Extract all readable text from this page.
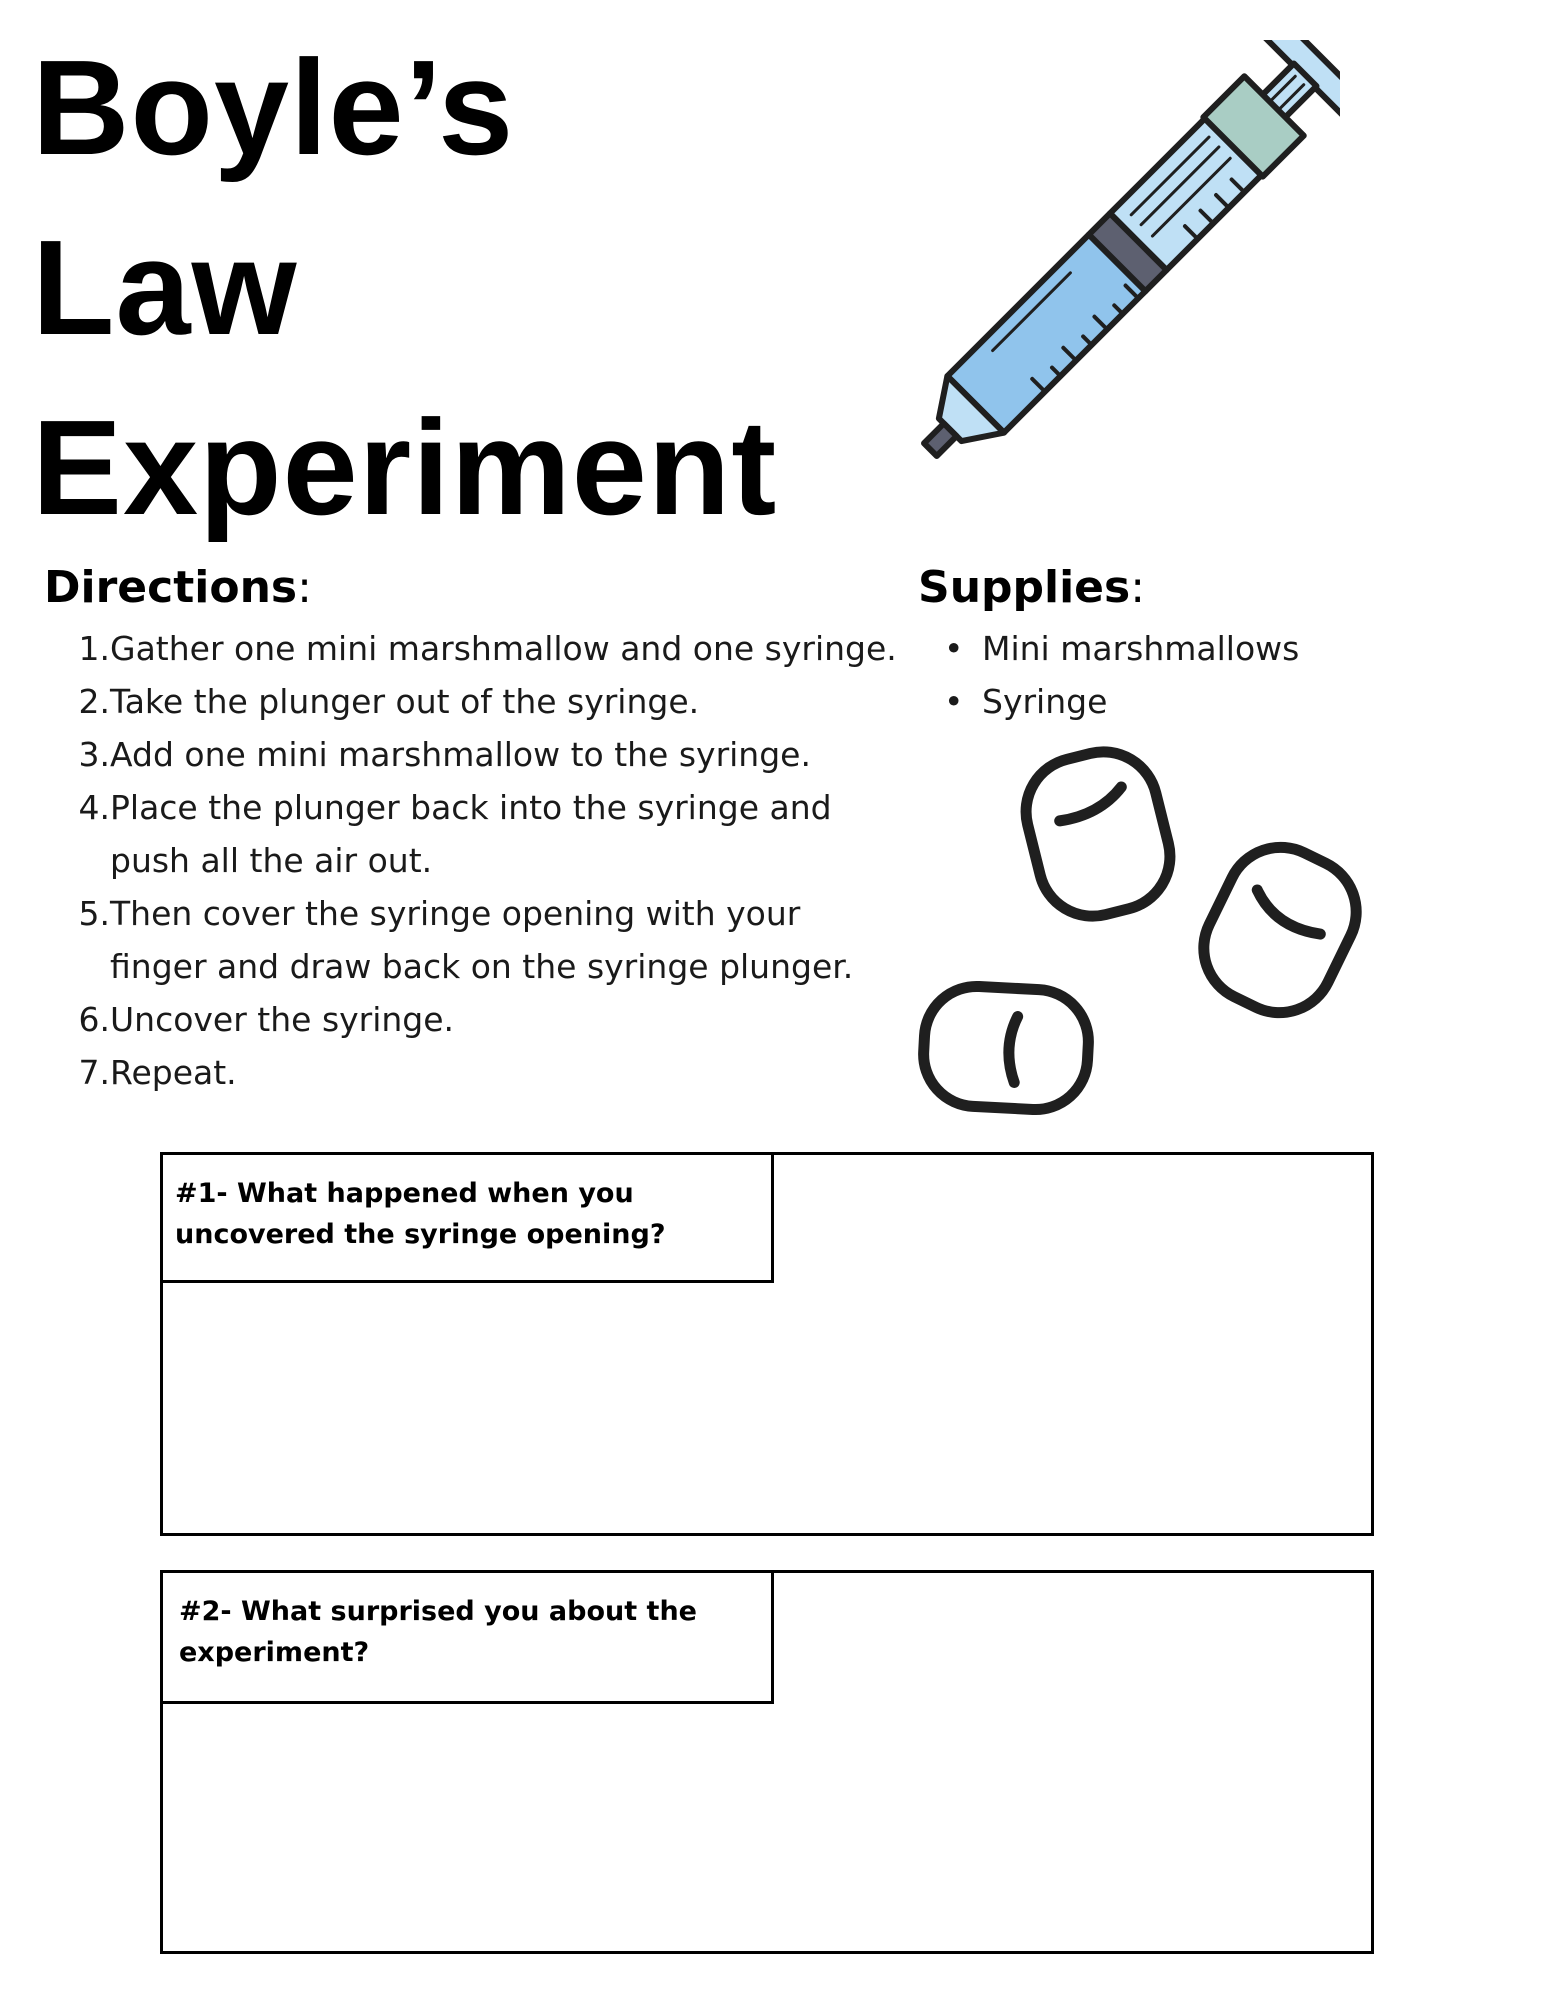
Boyle’s
Law
Experiment
Directions:
1. Gather one mini marshmallow and one syringe.
2. Take the plunger out of the syringe.
3. Add one mini marshmallow to the syringe.
4. Place the plunger back into the syringe and push all the air out.
5. Then cover the syringe opening with your finger and draw back on the syringe plunger.
6. Uncover the syringe.
7. Repeat.
Supplies:
• Mini marshmallows
• Syringe
#1- What happened when you uncovered the syringe opening?
#2- What surprised you about the experiment?
